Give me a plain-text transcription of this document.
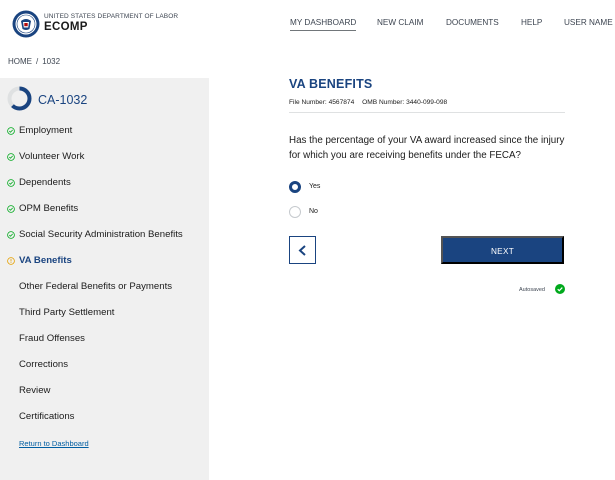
UNITED STATES DEPARTMENT OF LABOR
ECOMP	MY DASHBOARD	NEW CLAIM	DOCUMENTS	HELP	USER NAME
HOME / 1032
CA-1032
Employment
Volunteer Work
Dependents
OPM Benefits
Social Security Administration Benefits
VA Benefits
Other Federal Benefits or Payments
Third Party Settlement
Fraud Offenses
Corrections
Review
Certifications
Return to Dashboard
VA BENEFITS
File Number: 4567874 OMB Number: 3440-099-098

Has the percentage of your VA award increased since the injury for which you are receiving benefits under the FECA?

Yes
No
NEXT
Autosaved
